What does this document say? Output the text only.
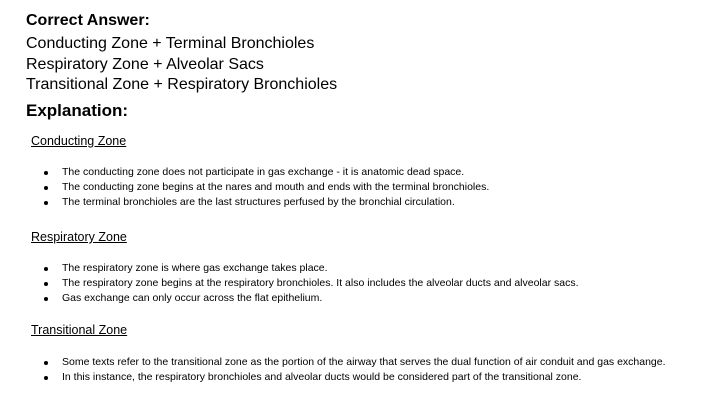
Correct Answer:
Conducting Zone + Terminal Bronchioles
Respiratory Zone + Alveolar Sacs
Transitional Zone + Respiratory Bronchioles
Explanation:
Conducting Zone
The conducting zone does not participate in gas exchange - it is anatomic dead space.
The conducting zone begins at the nares and mouth and ends with the terminal bronchioles.
The terminal bronchioles are the last structures perfused by the bronchial circulation.
Respiratory Zone
The respiratory zone is where gas exchange takes place.
The respiratory zone begins at the respiratory bronchioles. It also includes the alveolar ducts and alveolar sacs.
Gas exchange can only occur across the flat epithelium.
Transitional Zone
Some texts refer to the transitional zone as the portion of the airway that serves the dual function of air conduit and gas exchange.
In this instance, the respiratory bronchioles and alveolar ducts would be considered part of the transitional zone.
